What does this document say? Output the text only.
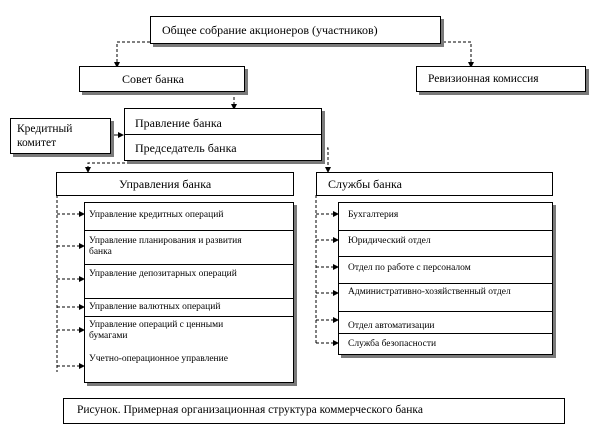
Общее собрание акционеров (участников)
Совет банка	Ревизионная комиссия
Кредитный комитет
Правление банка
Председатель банка
Управления банка
Управление кредитных операций
Управление планирования и развития банка
Управление депозитарных операций
Управление валютных операций
Управление операций с ценными бумагами
Учетно-операционное управление
Службы банка
Бухгалтерия
Юридический отдел
Отдел по работе с персоналом
Административно-хозяйственный отдел
Отдел автоматизации
Служба безопасности
Рисунок. Примерная организационная структура коммерческого банка
